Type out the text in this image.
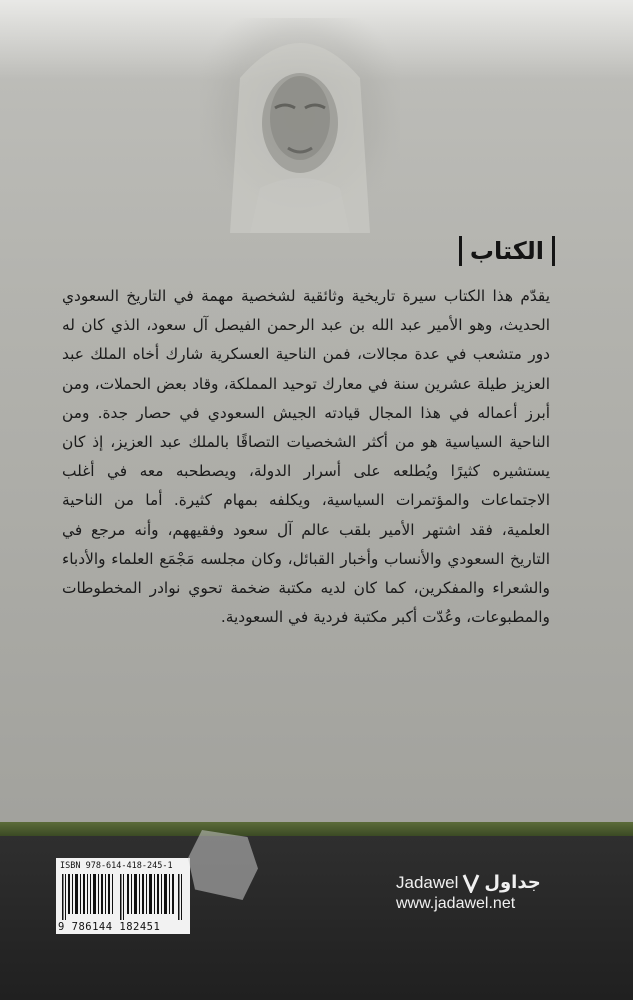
الكتاب

يقدّم هذا الكتاب سيرة تاريخية وثائقية لشخصية مهمة في التاريخ السعودي الحديث، وهو الأمير عبد الله بن عبد الرحمن الفيصل آل سعود، الذي كان له دور متشعب في عدة مجالات، فمن الناحية العسكرية شارك أخاه الملك عبد العزيز طيلة عشرين سنة في معارك توحيد المملكة، وقاد بعض الحملات، ومن أبرز أعماله في هذا المجال قيادته الجيش السعودي في حصار جدة. ومن الناحية السياسية هو من أكثر الشخصيات التصاقًا بالملك عبد العزيز، إذ كان يستشيره كثيرًا ويُطلعه على أسرار الدولة، ويصطحبه معه في أغلب الاجتماعات والمؤتمرات السياسية، ويكلفه بمهام كثيرة. أما من الناحية العلمية، فقد اشتهر الأمير بلقب عالم آل سعود وفقيههم، وأنه مرجع في التاريخ السعودي والأنساب وأخبار القبائل، وكان مجلسه مَجْمَع العلماء والأدباء والشعراء والمفكرين، كما كان لديه مكتبة ضخمة تحوي نوادر المخطوطات والمطبوعات، وعُدّت أكبر مكتبة فردية في السعودية.

ISBN 978-614-418-245-1
9 786144 182451
Jadawel جداول
www.jadawel.net
